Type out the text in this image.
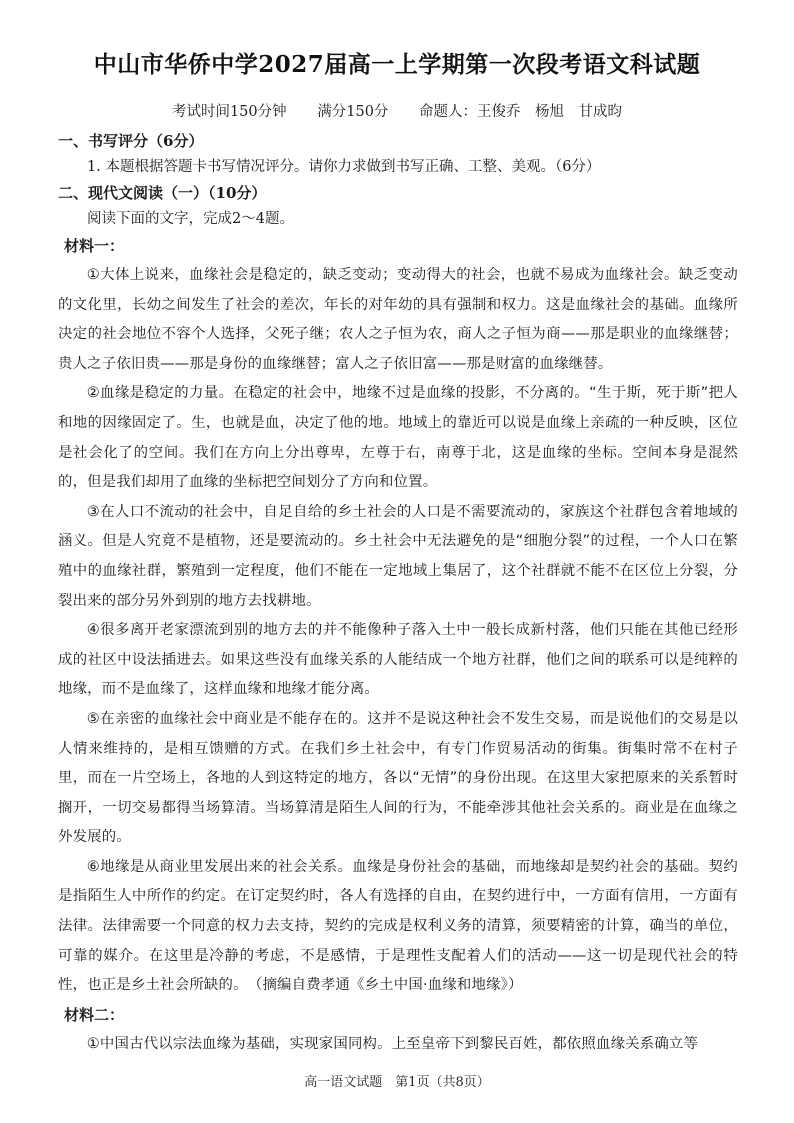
中山市华侨中学2027届高一上学期第一次段考语文科试题
考试时间150分钟 满分150分 命题人：王俊乔　杨旭　甘成昀

一、书写评分（6分）

1. 本题根据答题卡书写情况评分。请你力求做到书写正确、工整、美观。（6分）

二、现代文阅读（一）（10分）

阅读下面的文字，完成2～4题。

材料一：

①大体上说来，血缘社会是稳定的，缺乏变动；变动得大的社会，也就不易成为血缘社会。缺乏变动的文化里，长幼之间发生了社会的差次，年长的对年幼的具有强制和权力。这是血缘社会的基础。血缘所决定的社会地位不容个人选择，父死子继；农人之子恒为农，商人之子恒为商——那是职业的血缘继替；贵人之子依旧贵——那是身份的血缘继替；富人之子依旧富——那是财富的血缘继替。

②血缘是稳定的力量。在稳定的社会中，地缘不过是血缘的投影，不分离的。“生于斯，死于斯”把人和地的因缘固定了。生，也就是血，决定了他的地。地域上的靠近可以说是血缘上亲疏的一种反映，区位是社会化了的空间。我们在方向上分出尊卑，左尊于右，南尊于北，这是血缘的坐标。空间本身是混然的，但是我们却用了血缘的坐标把空间划分了方向和位置。

③在人口不流动的社会中，自足自给的乡土社会的人口是不需要流动的，家族这个社群包含着地域的涵义。但是人究竟不是植物，还是要流动的。乡土社会中无法避免的是“细胞分裂”的过程，一个人口在繁殖中的血缘社群，繁殖到一定程度，他们不能在一定地域上集居了，这个社群就不能不在区位上分裂，分裂出来的部分另外到别的地方去找耕地。

④很多离开老家漂流到别的地方去的并不能像种子落入土中一般长成新村落，他们只能在其他已经形成的社区中设法插进去。如果这些没有血缘关系的人能结成一个地方社群，他们之间的联系可以是纯粹的地缘，而不是血缘了，这样血缘和地缘才能分离。

⑤在亲密的血缘社会中商业是不能存在的。这并不是说这种社会不发生交易，而是说他们的交易是以人情来维持的，是相互馈赠的方式。在我们乡土社会中，有专门作贸易活动的街集。街集时常不在村子里，而在一片空场上，各地的人到这特定的地方，各以“无情”的身份出现。在这里大家把原来的关系暂时搁开，一切交易都得当场算清。当场算清是陌生人间的行为，不能牵涉其他社会关系的。商业是在血缘之外发展的。

⑥地缘是从商业里发展出来的社会关系。血缘是身份社会的基础，而地缘却是契约社会的基础。契约是指陌生人中所作的约定。在订定契约时，各人有选择的自由，在契约进行中，一方面有信用，一方面有法律。法律需要一个同意的权力去支持，契约的完成是权利义务的清算，须要精密的计算，确当的单位，可靠的媒介。在这里是冷静的考虑，不是感情，于是理性支配着人们的活动——这一切是现代社会的特性，也正是乡土社会所缺的。　（摘编自费孝通《乡土中国·血缘和地缘》）

材料二：

①中国古代以宗法血缘为基础，实现家国同构。上至皇帝下到黎民百姓，都依照血缘关系确立等

高一语文试题　第1页（共8页）
